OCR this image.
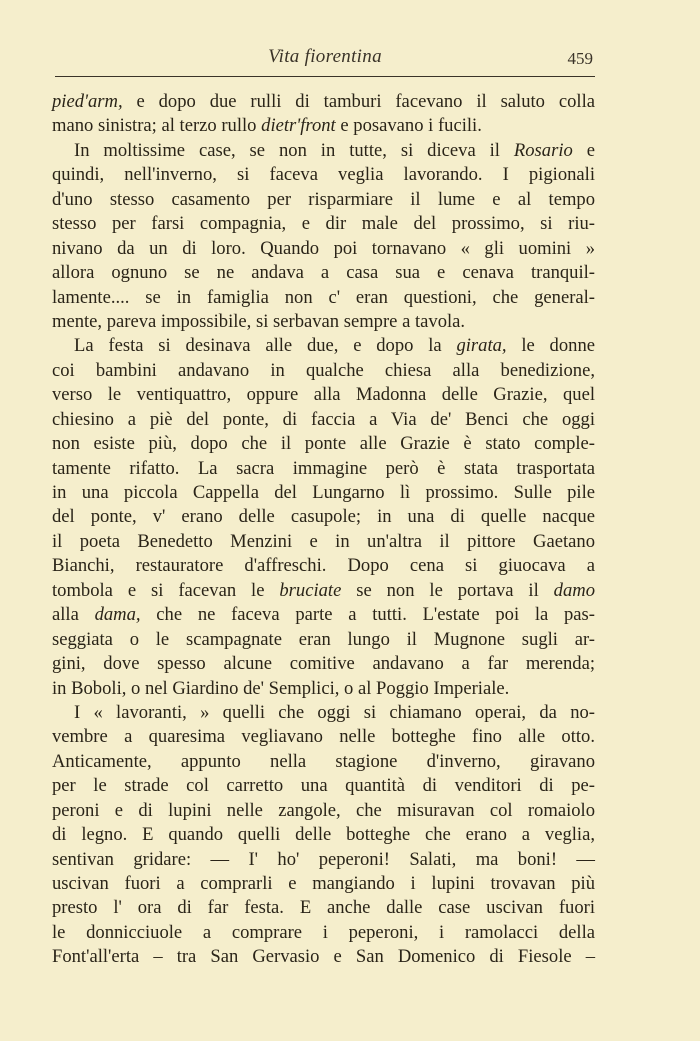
Vita fiorentina	459
pied'arm, e dopo due rulli di tamburi facevano il saluto colla
mano sinistra; al terzo rullo dietr'front e posavano i fucili.
In moltissime case, se non in tutte, si diceva il Rosario e
quindi, nell'inverno, si faceva veglia lavorando. I pigionali
d'uno stesso casamento per risparmiare il lume e al tempo
stesso per farsi compagnia, e dir male del prossimo, si riu-
nivano da un di loro. Quando poi tornavano « gli uomini »
allora ognuno se ne andava a casa sua e cenava tranquil-
lamente.... se in famiglia non c' eran questioni, che general-
mente, pareva impossibile, si serbavan sempre a tavola.
La festa si desinava alle due, e dopo la girata, le donne
coi bambini andavano in qualche chiesa alla benedizione,
verso le ventiquattro, oppure alla Madonna delle Grazie, quel
chiesino a piè del ponte, di faccia a Via de' Benci che oggi
non esiste più, dopo che il ponte alle Grazie è stato comple-
tamente rifatto. La sacra immagine però è stata trasportata
in una piccola Cappella del Lungarno lì prossimo. Sulle pile
del ponte, v' erano delle casupole; in una di quelle nacque
il poeta Benedetto Menzini e in un'altra il pittore Gaetano
Bianchi, restauratore d'affreschi. Dopo cena si giuocava a
tombola e si facevan le bruciate se non le portava il damo
alla dama, che ne faceva parte a tutti. L'estate poi la pas-
seggiata o le scampagnate eran lungo il Mugnone sugli ar-
gini, dove spesso alcune comitive andavano a far merenda;
in Boboli, o nel Giardino de' Semplici, o al Poggio Imperiale.
I « lavoranti, » quelli che oggi si chiamano operai, da no-
vembre a quaresima vegliavano nelle botteghe fino alle otto.
Anticamente, appunto nella stagione d'inverno, giravano
per le strade col carretto una quantità di venditori di pe-
peroni e di lupini nelle zangole, che misuravan col romaiolo
di legno. E quando quelli delle botteghe che erano a veglia,
sentivan gridare: — I' ho' peperoni! Salati, ma boni! —
uscivan fuori a comprarli e mangiando i lupini trovavan più
presto l' ora di far festa. E anche dalle case uscivan fuori
le donnicciuole a comprare i peperoni, i ramolacci della
Font'all'erta – tra San Gervasio e San Domenico di Fiesole –
